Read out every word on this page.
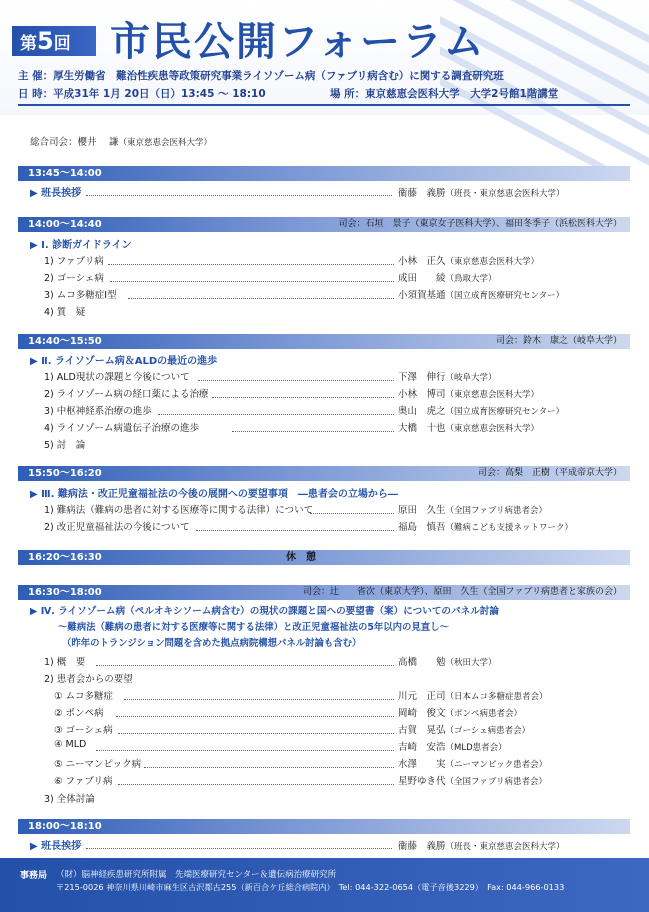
第5回 市民公開フォーラム
主 催：厚生労働省　難治性疾患等政策研究事業ライソゾーム病（ファブリ病含む）に関する調査研究班
日 時：平成31年 1月 20日（日）13:45 ～ 18:10	場 所：東京慈恵会医科大学　大学2号館1階講堂
総合司会：櫻井　 謙（東京慈恵会医科大学）
13:45～14:00
▶ 班長挨拶	衞藤　義勝（班長・東京慈恵会医科大学）
14:00～14:40	司会：石垣　景子（東京女子医科大学）、福田冬季子（浜松医科大学）
▶ Ⅰ. 診断ガイドライン
1) ファブリ病	小林　正久（東京慈恵会医科大学）
2) ゴーシェ病	成田　　綾（鳥取大学）
3) ムコ多糖症Ⅰ型	小須賀基通（国立成育医療研究センター）
4) 質　疑
14:40～15:50	司会：鈴木　康之（岐阜大学）
▶ Ⅱ. ライソゾーム病＆ALDの最近の進歩
1) ALD現状の課題と今後について	下澤　伸行（岐阜大学）
2) ライソゾーム病の経口薬による治療	小林　博司（東京慈恵会医科大学）
3) 中枢神経系治療の進歩	奥山　虎之（国立成育医療研究センター）
4) ライソゾーム病遺伝子治療の進歩	大橋　十也（東京慈恵会医科大学）
5) 討　論
15:50～16:20	司会：高梨　正樹（平成帝京大学）
▶ Ⅲ. 難病法・改正児童福祉法の今後の展開への要望事項　―患者会の立場から―
1) 難病法（難病の患者に対する医療等に関する法律）について	原田　久生（全国ファブリ病患者会）
2) 改正児童福祉法の今後について	福島　慎吾（難病こども支援ネットワーク）
16:20～16:30	休　憩
16:30～18:00	司会：辻　　省次（東京大学）、原田　久生（全国ファブリ病患者と家族の会）
▶ Ⅳ. ライソゾーム病（ペルオキシソーム病含む）の現状の課題と国への要望書（案）についてのパネル討論
～難病法（難病の患者に対する医療等に関する法律）と改正児童福祉法の5年以内の見直し～
（昨年のトランジション問題を含めた拠点病院構想パネル討論も含む）
1) 概　要	高橋　　勉（秋田大学）
2) 患者会からの要望
① ムコ多糖症	川元　正司（日本ムコ多糖症患者会）
② ポンペ病	岡崎　俊文（ポンペ病患者会）
③ ゴーシェ病	古賀　晃弘（ゴーシェ病患者会）
④ MLD	吉崎　安浩（MLD患者会）
⑤ ニーマンピック病	水澤　　実（ニーマンピック患者会）
⑥ ファブリ病	星野ゆき代（全国ファブリ病患者会）
3) 全体討論
18:00～18:10
▶ 班長挨拶	衞藤　義勝（班長・東京慈恵会医科大学）
事務局 （財）脳神経疾患研究所附属　先端医療研究センター＆遺伝病治療研究所
〒215-0026 神奈川県川崎市麻生区古沢都古255（新百合ケ丘総合病院内）　Tel: 044-322-0654（電子音後3229）　Fax: 044-966-0133
